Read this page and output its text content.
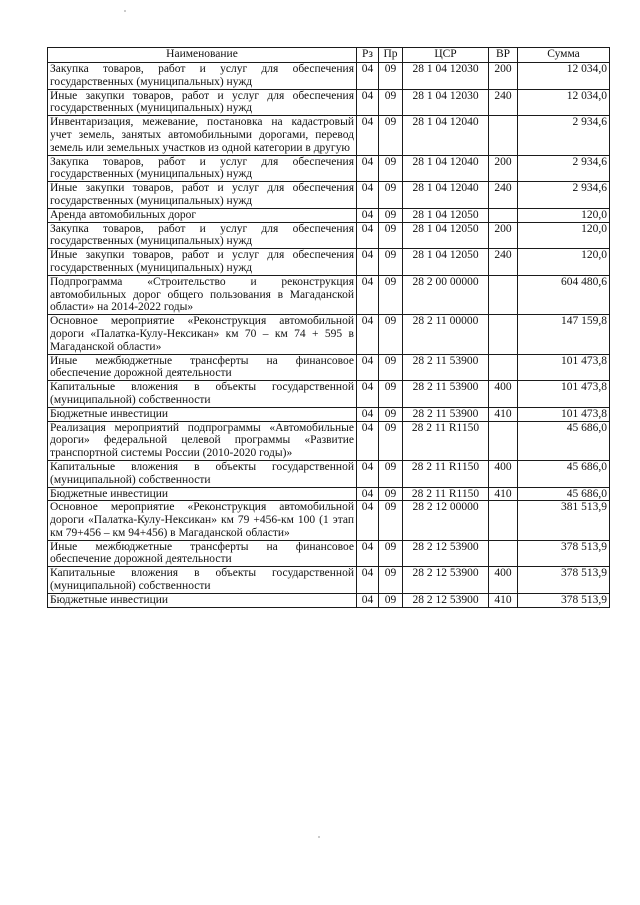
Наименование	Рз	Пр	ЦСР	ВР	Сумма
Закупка товаров, работ и услуг для обеспечения государственных (муниципальных) нужд	04	09	28 1 04 12030	200	12 034,0
Иные закупки товаров, работ и услуг для обеспечения государственных (муниципальных) нужд	04	09	28 1 04 12030	240	12 034,0
Инвентаризация, межевание, постановка на кадастровый учет земель, занятых автомобильными дорогами, перевод земель или земельных участков из одной категории в другую	04	09	28 1 04 12040		2 934,6
Закупка товаров, работ и услуг для обеспечения государственных (муниципальных) нужд	04	09	28 1 04 12040	200	2 934,6
Иные закупки товаров, работ и услуг для обеспечения государственных (муниципальных) нужд	04	09	28 1 04 12040	240	2 934,6
Аренда автомобильных дорог	04	09	28 1 04 12050		120,0
Закупка товаров, работ и услуг для обеспечения государственных (муниципальных) нужд	04	09	28 1 04 12050	200	120,0
Иные закупки товаров, работ и услуг для обеспечения государственных (муниципальных) нужд	04	09	28 1 04 12050	240	120,0
Подпрограмма «Строительство и реконструкция автомобильных дорог общего пользования в Магаданской области» на 2014-2022 годы»	04	09	28 2 00 00000		604 480,6
Основное мероприятие «Реконструкция автомобильной дороги «Палатка-Кулу-Нексикан» км 70 – км 74 + 595 в Магаданской области»	04	09	28 2 11 00000		147 159,8
Иные межбюджетные трансферты на финансовое обеспечение дорожной деятельности	04	09	28 2 11 53900		101 473,8
Капитальные вложения в объекты государственной (муниципальной) собственности	04	09	28 2 11 53900	400	101 473,8
Бюджетные инвестиции	04	09	28 2 11 53900	410	101 473,8
Реализация мероприятий подпрограммы «Автомобильные дороги» федеральной целевой программы «Развитие транспортной системы России (2010-2020 годы)»	04	09	28 2 11 R1150		45 686,0
Капитальные вложения в объекты государственной (муниципальной) собственности	04	09	28 2 11 R1150	400	45 686,0
Бюджетные инвестиции	04	09	28 2 11 R1150	410	45 686,0
Основное мероприятие «Реконструкция автомобильной дороги «Палатка-Кулу-Нексикан» км 79 +456-км 100 (1 этап км 79+456 – км 94+456) в Магаданской области»	04	09	28 2 12 00000		381 513,9
Иные межбюджетные трансферты на финансовое обеспечение дорожной деятельности	04	09	28 2 12 53900		378 513,9
Капитальные вложения в объекты государственной (муниципальной) собственности	04	09	28 2 12 53900	400	378 513,9
Бюджетные инвестиции	04	09	28 2 12 53900	410	378 513,9
